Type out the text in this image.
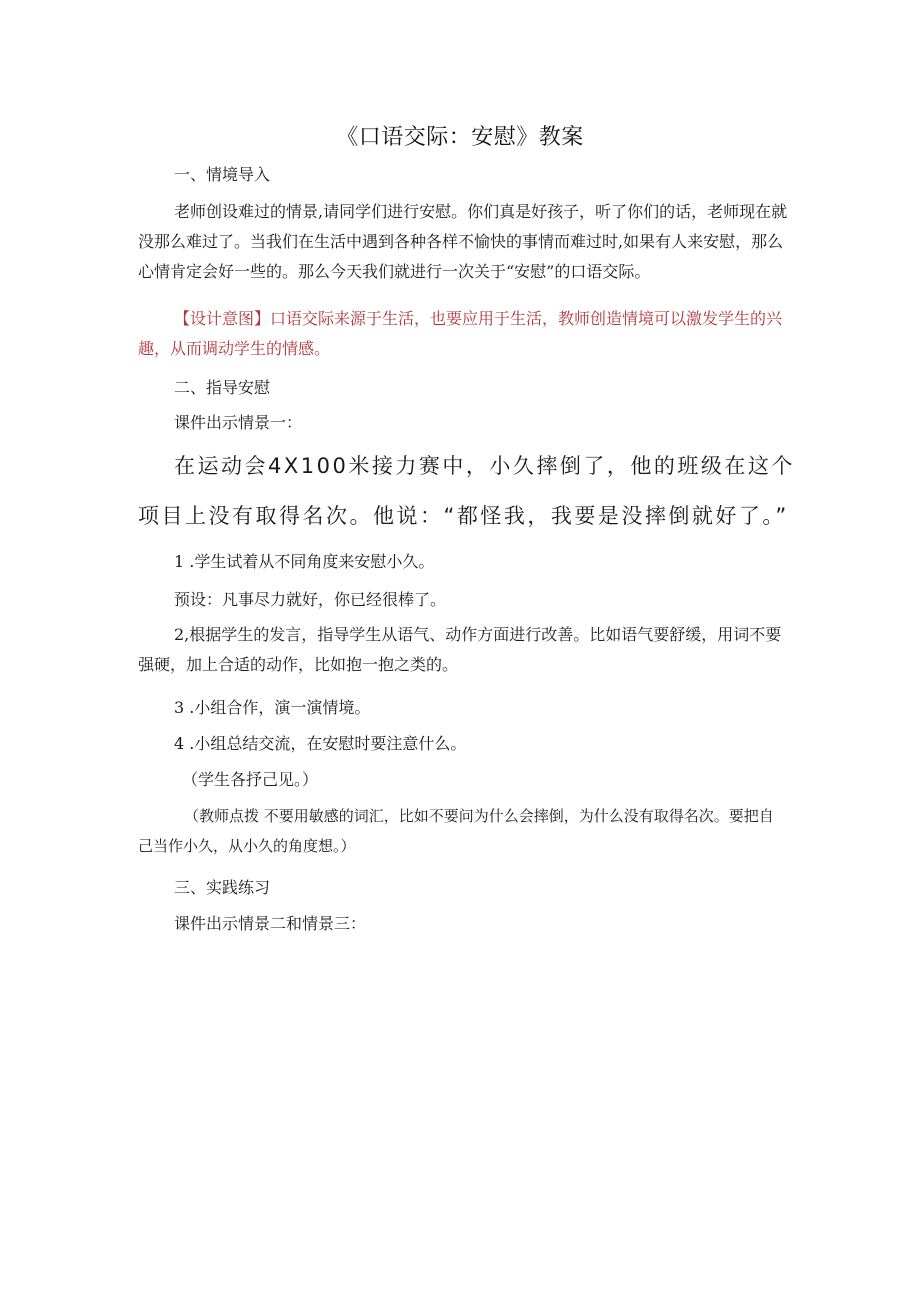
《口语交际：安慰》教案
一、情境导入
老师创设难过的情景,请同学们进行安慰。你们真是好孩子，听了你们的话，老师现在就没那么难过了。当我们在生活中遇到各种各样不愉快的事情而难过时,如果有人来安慰，那么心情肯定会好一些的。那么今天我们就进行一次关于“安慰”的口语交际。
【设计意图】口语交际来源于生活，也要应用于生活，教师创造情境可以激发学生的兴趣，从而调动学生的情感。
二、指导安慰
课件出示情景一：
在运动会4X100米接力赛中，小久摔倒了，他的班级在这个项目上没有取得名次。他说：“都怪我，我要是没摔倒就好了。”
1 .学生试着从不同角度来安慰小久。
预设：凡事尽力就好，你已经很棒了。
2,根据学生的发言，指导学生从语气、动作方面进行改善。比如语气要舒缓，用词不要强硬，加上合适的动作，比如抱一抱之类的。
3 .小组合作，演一演情境。
4 .小组总结交流，在安慰时要注意什么。
（学生各抒己见。）
（教师点拨 不要用敏感的词汇，比如不要问为什么会摔倒，为什么没有取得名次。要把自己当作小久，从小久的角度想。）
三、实践练习
课件出示情景二和情景三：
